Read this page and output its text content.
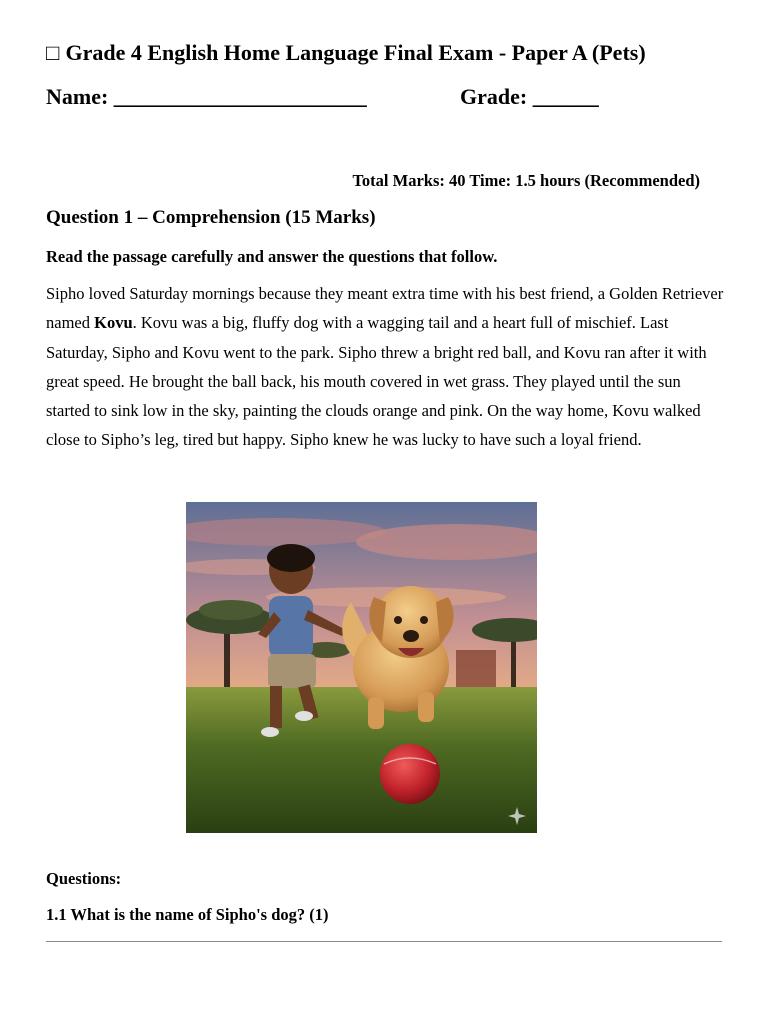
□ Grade 4 English Home Language Final Exam - Paper A (Pets)
Name: _______________________	Grade: ______
Total Marks: 40 Time: 1.5 hours (Recommended)
Question 1 – Comprehension (15 Marks)
Read the passage carefully and answer the questions that follow.
Sipho loved Saturday mornings because they meant extra time with his best friend, a Golden Retriever named Kovu. Kovu was a big, fluffy dog with a wagging tail and a heart full of mischief. Last Saturday, Sipho and Kovu went to the park. Sipho threw a bright red ball, and Kovu ran after it with great speed. He brought the ball back, his mouth covered in wet grass. They played until the sun started to sink low in the sky, painting the clouds orange and pink. On the way home, Kovu walked close to Sipho’s leg, tired but happy. Sipho knew he was lucky to have such a loyal friend.
Questions:
1.1 What is the name of Sipho's dog? (1)
